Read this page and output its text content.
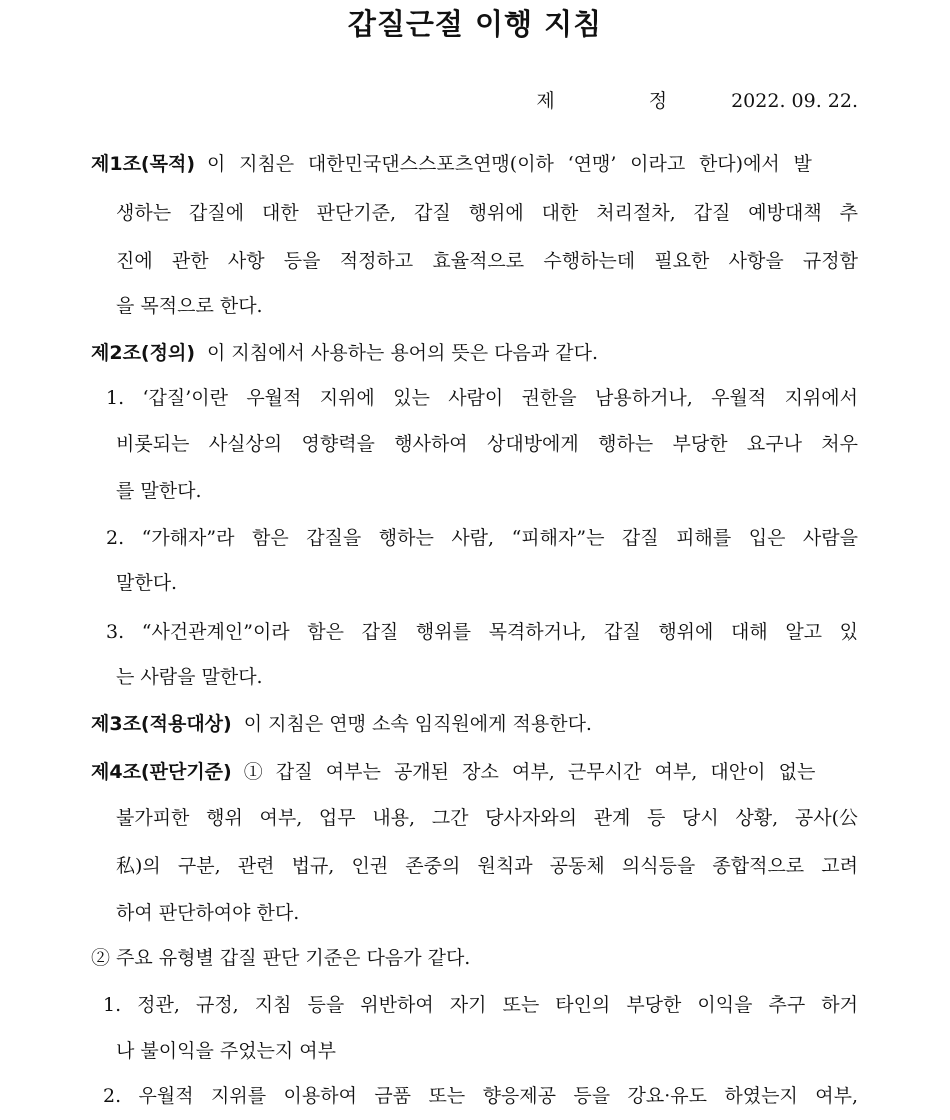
갑질근절 이행 지침
제 정 2022. 09. 22.
제1조(목적) 이 지침은 대한민국댄스스포츠연맹(이하 ‘연맹’ 이라고 한다)에서 발
생하는 갑질에 대한 판단기준, 갑질 행위에 대한 처리절차, 갑질 예방대책 추
진에 관한 사항 등을 적정하고 효율적으로 수행하는데 필요한 사항을 규정함
을 목적으로 한다.
제2조(정의) 이 지침에서 사용하는 용어의 뜻은 다음과 같다.
1. ‘갑질’이란 우월적 지위에 있는 사람이 권한을 남용하거나, 우월적 지위에서
비롯되는 사실상의 영향력을 행사하여 상대방에게 행하는 부당한 요구나 처우
를 말한다.
2. “가해자”라 함은 갑질을 행하는 사람, “피해자”는 갑질 피해를 입은 사람을
말한다.
3. “사건관계인”이라 함은 갑질 행위를 목격하거나, 갑질 행위에 대해 알고 있
는 사람을 말한다.
제3조(적용대상) 이 지침은 연맹 소속 임직원에게 적용한다.
제4조(판단기준) ① 갑질 여부는 공개된 장소 여부, 근무시간 여부, 대안이 없는
불가피한 행위 여부, 업무 내용, 그간 당사자와의 관계 등 당시 상황, 공사(公
私)의 구분, 관련 법규, 인권 존중의 원칙과 공동체 의식등을 종합적으로 고려
하여 판단하여야 한다.
② 주요 유형별 갑질 판단 기준은 다음가 같다.
1. 정관, 규정, 지침 등을 위반하여 자기 또는 타인의 부당한 이익을 추구 하거
나 불이익을 주었는지 여부
2. 우월적 지위를 이용하여 금품 또는 향응제공 등을 강요·유도 하였는지 여부,
